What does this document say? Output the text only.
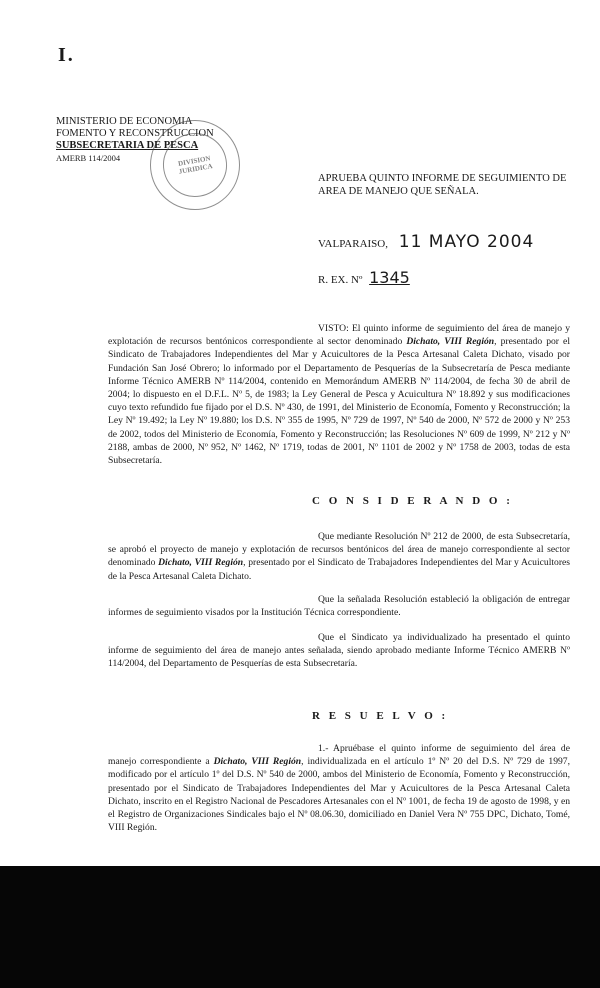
I.
MINISTERIO DE ECONOMIA
FOMENTO Y RECONSTRUCCION
SUBSECRETARIA DE PESCA
AMERB 114/2004	DIVISION JURIDICA
APRUEBA QUINTO INFORME DE SEGUIMIENTO DE AREA DE MANEJO QUE SEÑALA.
VALPARAISO, 11 MAYO 2004
R. EX. Nº 1345
VISTO: El quinto informe de seguimiento del área de manejo y explotación de recursos bentónicos correspondiente al sector denominado Dichato, VIII Región, presentado por el Sindicato de Trabajadores Independientes del Mar y Acuicultores de la Pesca Artesanal Caleta Dichato, visado por Fundación San José Obrero; lo informado por el Departamento de Pesquerías de la Subsecretaría de Pesca mediante Informe Técnico AMERB Nº 114/2004, contenido en Memorándum AMERB Nº 114/2004, de fecha 30 de abril de 2004; lo dispuesto en el D.F.L. Nº 5, de 1983; la Ley General de Pesca y Acuicultura Nº 18.892 y sus modificaciones cuyo texto refundido fue fijado por el D.S. Nº 430, de 1991, del Ministerio de Economía, Fomento y Reconstrucción; la Ley Nº 19.492; la Ley Nº 19.880; los D.S. Nº 355 de 1995, Nº 729 de 1997, Nº 540 de 2000, Nº 572 de 2000 y Nº 253 de 2002, todos del Ministerio de Economía, Fomento y Reconstrucción; las Resoluciones Nº 609 de 1999, Nº 212 y Nº 2188, ambas de 2000, Nº 952, Nº 1462, Nº 1719, todas de 2001, Nº 1101 de 2002 y Nº 1758 de 2003, todas de esta Subsecretaría.
C O N S I D E R A N D O :
Que mediante Resolución Nº 212 de 2000, de esta Subsecretaría, se aprobó el proyecto de manejo y explotación de recursos bentónicos del área de manejo correspondiente al sector denominado Dichato, VIII Región, presentado por el Sindicato de Trabajadores Independientes del Mar y Acuicultores de la Pesca Artesanal Caleta Dichato.
Que la señalada Resolución estableció la obligación de entregar informes de seguimiento visados por la Institución Técnica correspondiente.
Que el Sindicato ya individualizado ha presentado el quinto informe de seguimiento del área de manejo antes señalada, siendo aprobado mediante Informe Técnico AMERB Nº 114/2004, del Departamento de Pesquerías de esta Subsecretaría.
R E S U E L V O :
1.- Apruébase el quinto informe de seguimiento del área de manejo correspondiente a Dichato, VIII Región, individualizada en el artículo 1º Nº 20 del D.S. Nº 729 de 1997, modificado por el artículo 1º del D.S. Nº 540 de 2000, ambos del Ministerio de Economía, Fomento y Reconstrucción, presentado por el Sindicato de Trabajadores Independientes del Mar y Acuicultores de la Pesca Artesanal Caleta Dichato, inscrito en el Registro Nacional de Pescadores Artesanales con el Nº 1001, de fecha 19 de agosto de 1998, y en el Registro de Organizaciones Sindicales bajo el Nº 08.06.30, domiciliado en Daniel Vera Nº 755 DPC, Dichato, Tomé, VIII Región.
